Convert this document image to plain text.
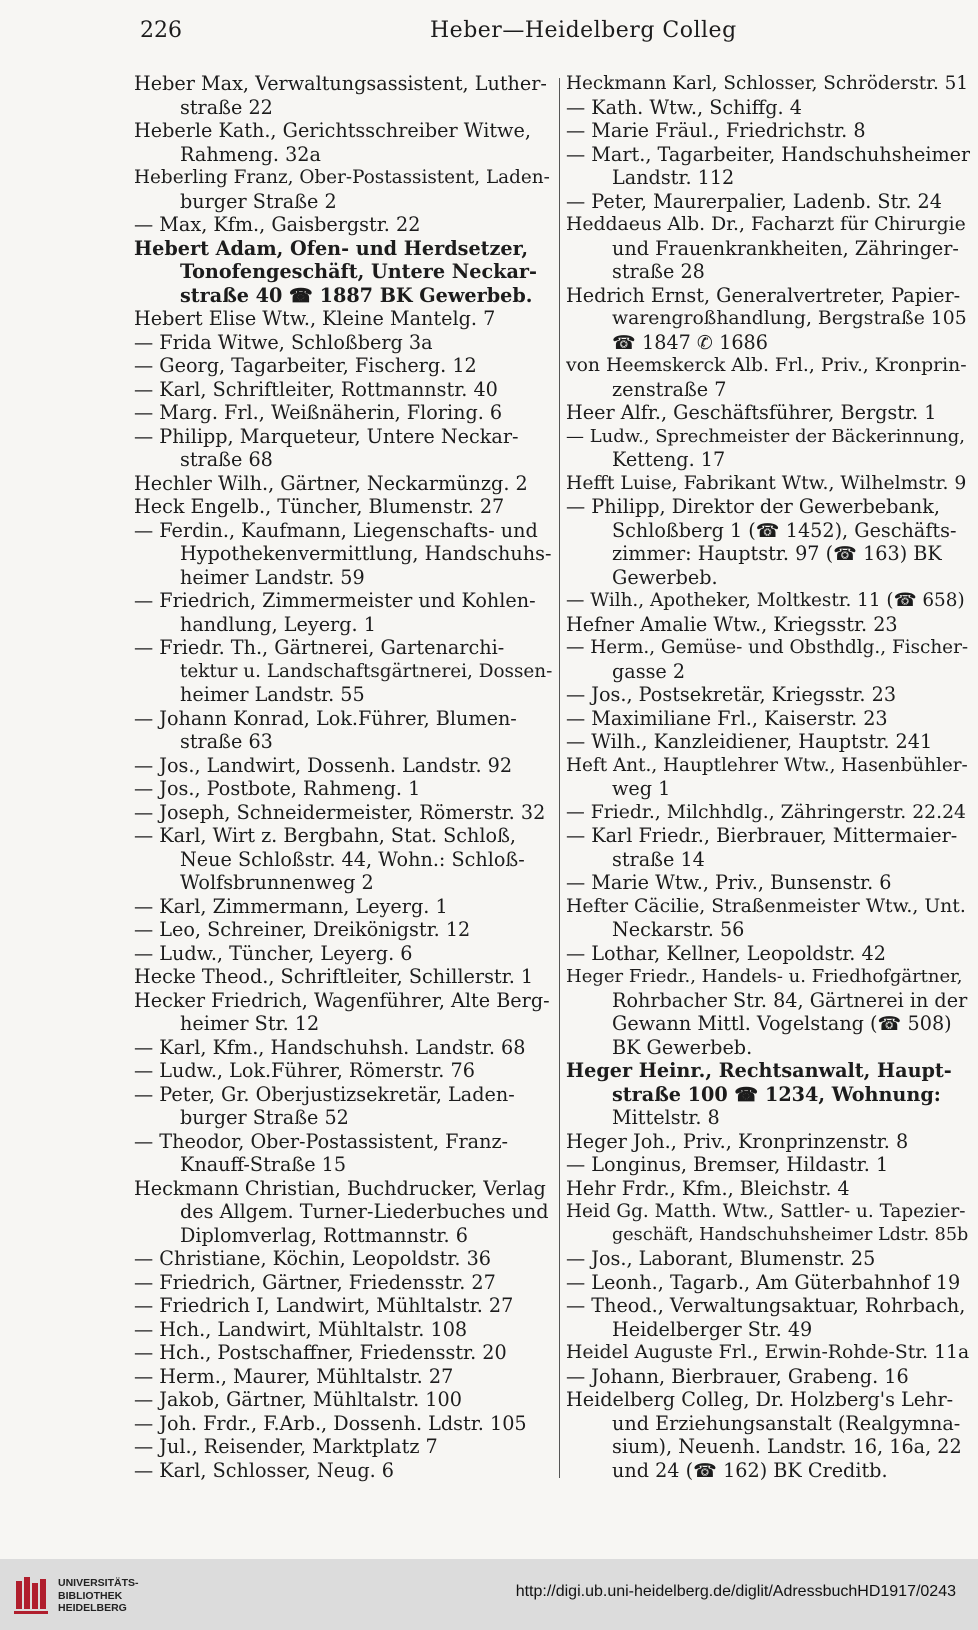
226	Heber—Heidelberg Colleg
Heber Max, Verwaltungsassistent, Luther-
straße 22
Heberle Kath., Gerichtsschreiber Witwe,
Rahmeng. 32a
Heberling Franz, Ober-Postassistent, Laden-
burger Straße 2
— Max, Kfm., Gaisbergstr. 22
Hebert Adam, Ofen- und Herdsetzer,
Tonofengeschäft, Untere Neckar-
straße 40 ☎ 1887 BK Gewerbeb.
Hebert Elise Wtw., Kleine Mantelg. 7
— Frida Witwe, Schloßberg 3a
— Georg, Tagarbeiter, Fischerg. 12
— Karl, Schriftleiter, Rottmannstr. 40
— Marg. Frl., Weißnäherin, Floring. 6
— Philipp, Marqueteur, Untere Neckar-
straße 68
Hechler Wilh., Gärtner, Neckarmünzg. 2
Heck Engelb., Tüncher, Blumenstr. 27
— Ferdin., Kaufmann, Liegenschafts- und
Hypothekenvermittlung, Handschuhs-
heimer Landstr. 59
— Friedrich, Zimmermeister und Kohlen-
handlung, Leyerg. 1
— Friedr. Th., Gärtnerei, Gartenarchi-
tektur u. Landschaftsgärtnerei, Dossen-
heimer Landstr. 55
— Johann Konrad, Lok.Führer, Blumen-
straße 63
— Jos., Landwirt, Dossenh. Landstr. 92
— Jos., Postbote, Rahmeng. 1
— Joseph, Schneidermeister, Römerstr. 32
— Karl, Wirt z. Bergbahn, Stat. Schloß,
Neue Schloßstr. 44, Wohn.: Schloß-
Wolfsbrunnenweg 2
— Karl, Zimmermann, Leyerg. 1
— Leo, Schreiner, Dreikönigstr. 12
— Ludw., Tüncher, Leyerg. 6
Hecke Theod., Schriftleiter, Schillerstr. 1
Hecker Friedrich, Wagenführer, Alte Berg-
heimer Str. 12
— Karl, Kfm., Handschuhsh. Landstr. 68
— Ludw., Lok.Führer, Römerstr. 76
— Peter, Gr. Oberjustizsekretär, Laden-
burger Straße 52
— Theodor, Ober-Postassistent, Franz-
Knauff-Straße 15
Heckmann Christian, Buchdrucker, Verlag
des Allgem. Turner-Liederbuches und
Diplomverlag, Rottmannstr. 6
— Christiane, Köchin, Leopoldstr. 36
— Friedrich, Gärtner, Friedensstr. 27
— Friedrich I, Landwirt, Mühltalstr. 27
— Hch., Landwirt, Mühltalstr. 108
— Hch., Postschaffner, Friedensstr. 20
— Herm., Maurer, Mühltalstr. 27
— Jakob, Gärtner, Mühltalstr. 100
— Joh. Frdr., F.Arb., Dossenh. Ldstr. 105
— Jul., Reisender, Marktplatz 7
— Karl, Schlosser, Neug. 6
Heckmann Karl, Schlosser, Schröderstr. 51
— Kath. Wtw., Schiffg. 4
— Marie Fräul., Friedrichstr. 8
— Mart., Tagarbeiter, Handschuhsheimer
Landstr. 112
— Peter, Maurerpalier, Ladenb. Str. 24
Heddaeus Alb. Dr., Facharzt für Chirurgie
und Frauenkrankheiten, Zähringer-
straße 28
Hedrich Ernst, Generalvertreter, Papier-
warengroßhandlung, Bergstraße 105
☎ 1847 ✆ 1686
von Heemskerck Alb. Frl., Priv., Kronprin-
zenstraße 7
Heer Alfr., Geschäftsführer, Bergstr. 1
— Ludw., Sprechmeister der Bäckerinnung,
Ketteng. 17
Hefft Luise, Fabrikant Wtw., Wilhelmstr. 9
— Philipp, Direktor der Gewerbebank,
Schloßberg 1 (☎ 1452), Geschäfts-
zimmer: Hauptstr. 97 (☎ 163) BK
Gewerbeb.
— Wilh., Apotheker, Moltkestr. 11 (☎ 658)
Hefner Amalie Wtw., Kriegsstr. 23
— Herm., Gemüse- und Obsthdlg., Fischer-
gasse 2
— Jos., Postsekretär, Kriegsstr. 23
— Maximiliane Frl., Kaiserstr. 23
— Wilh., Kanzleidiener, Hauptstr. 241
Heft Ant., Hauptlehrer Wtw., Hasenbühler-
weg 1
— Friedr., Milchhdlg., Zähringerstr. 22.24
— Karl Friedr., Bierbrauer, Mittermaier-
straße 14
— Marie Wtw., Priv., Bunsenstr. 6
Hefter Cäcilie, Straßenmeister Wtw., Unt.
Neckarstr. 56
— Lothar, Kellner, Leopoldstr. 42
Heger Friedr., Handels- u. Friedhofgärtner,
Rohrbacher Str. 84, Gärtnerei in der
Gewann Mittl. Vogelstang (☎ 508)
BK Gewerbeb.
Heger Heinr., Rechtsanwalt, Haupt-
straße 100 ☎ 1234, Wohnung:
Mittelstr. 8
Heger Joh., Priv., Kronprinzenstr. 8
— Longinus, Bremser, Hildastr. 1
Hehr Frdr., Kfm., Bleichstr. 4
Heid Gg. Matth. Wtw., Sattler- u. Tapezier-
geschäft, Handschuhsheimer Ldstr. 85b
— Jos., Laborant, Blumenstr. 25
— Leonh., Tagarb., Am Güterbahnhof 19
— Theod., Verwaltungsaktuar, Rohrbach,
Heidelberger Str. 49
Heidel Auguste Frl., Erwin-Rohde-Str. 11a
— Johann, Bierbrauer, Grabeng. 16
Heidelberg Colleg, Dr. Holzberg's Lehr-
und Erziehungsanstalt (Realgymna-
sium), Neuenh. Landstr. 16, 16a, 22
und 24 (☎ 162) BK Creditb.
UNIVERSITÄTS-
BIBLIOTHEK
HEIDELBERG
http://digi.ub.uni-heidelberg.de/diglit/AdressbuchHD1917/0243
